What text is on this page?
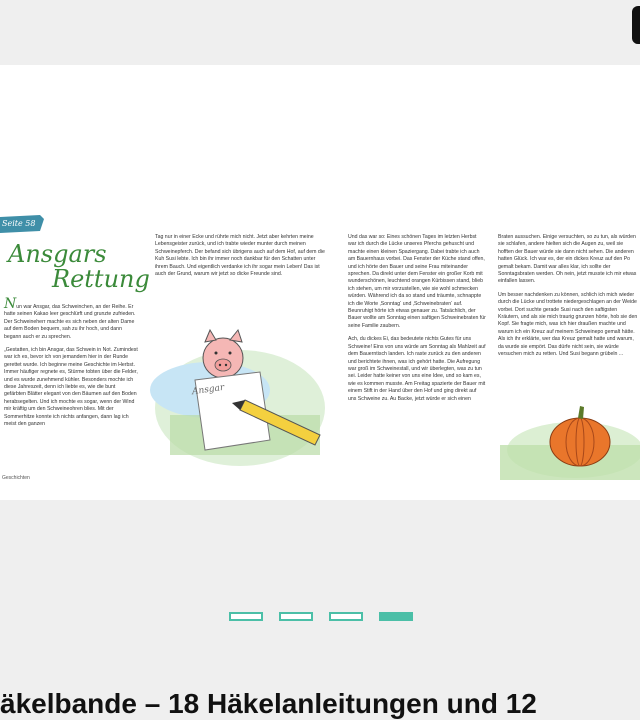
Seite 58
Ansgars
Rettung

Nun war Ansgar, das Schweinchen, an der Reihe. Er hatte seinen Kakao leer geschlürft und grunzte zufrieden. Der Schweineherr machte es sich neben der alten Dame auf dem Boden bequem, sah zu ihr hoch, und dann begann auch er zu sprechen.

„Gestatten, ich bin Ansgar, das Schwein in Not. Zumindest war ich es, bevor ich von jemandem hier in der Runde gerettet wurde. Ich beginne meine Geschichte im Herbst. Immer häufiger regnete es, Stürme tobten über die Felder, und es wurde zunehmend kühler. Besonders mochte ich diese Jahreszeit, denn ich liebte es, wie die bunt gefärbten Blätter elegant von den Bäumen auf den Boden herabsegelten. Und ich mochte es sogar, wenn der Wind mir kräftig um den Schweineohren blies. Mit der Sommerhitze konnte ich nichts anfangen, dann lag ich meist den ganzen

Geschichten

Tag nur in einer Ecke und rührte mich nicht. Jetzt aber kehrten meine Lebensgeister zurück, und ich trabte wieder munter durch meinen Schweinepferch. Der befand sich übrigens auch auf dem Hof, auf dem die Kuh Susi lebte. Ich bin ihr immer noch dankbar für den Schatten unter ihrem Bauch. Und eigentlich verdanke ich ihr sogar mein Leben! Das ist auch der Grund, warum wir jetzt so dicke Freunde sind.

Ansgar

Und das war so: Eines schönen Tages im letzten Herbst war ich durch die Lücke unseres Pferchs gehuscht und machte einen kleinen Spaziergang. Dabei trabte ich auch am Bauernhaus vorbei. Das Fenster der Küche stand offen, und ich hörte den Bauer und seine Frau miteinander sprechen. Da direkt unter dem Fenster ein großer Korb mit wunderschönen, leuchtend orangen Kürbissen stand, blieb ich stehen, um mir vorzustellen, wie sie wohl schmecken würden. Während ich da so stand und träumte, schnappte ich die Worte ‚Sonntag‘ und ‚Schweinebraten‘ auf. Beunruhigt hörte ich etwas genauer zu. Tatsächlich, der Bauer wollte am Sonntag einen saftigen Schweinebraten für seine Familie zaubern.

Ach, du dickes Ei, das bedeutete nichts Gutes für uns Schweine! Eins von uns würde am Sonntag als Mahlzeit auf dem Bauerntisch landen. Ich raste zurück zu den anderen und berichtete ihnen, was ich gehört hatte. Die Aufregung war groß im Schweinestall, und wir überlegten, was zu tun sei. Leider hatte keiner von uns eine Idee, und so kam es, wie es kommen musste. Am Freitag spazierte der Bauer mit einem Stift in der Hand über den Hof und ging direkt auf uns Schweine zu. Au Backe, jetzt würde er sich einen

Braten aussuchen. Einige versuchten, so zu tun, als würden sie schlafen, andere hielten sich die Augen zu, weil sie hofften der Bauer würde sie dann nicht sehen. Die anderen hatten Glück. Ich war es, der ein dickes Kreuz auf den Po gemalt bekam. Damit war alles klar, ich sollte der Sonntagsbraten werden. Oh nein, jetzt musste ich mir etwas einfallen lassen.

Um besser nachdenken zu können, schlich ich mich wieder durch die Lücke und trottete niedergeschlagen an der Weide vorbei. Dort suchte gerade Susi nach den saftigsten Kräutern, und als sie mich traurig grunzen hörte, hob sie den Kopf. Sie fragte mich, was ich hier draußen machte und warum ich ein Kreuz auf meinem Schweinepo gemalt hätte. Als ich ihr erklärte, wer das Kreuz gemalt hatte und warum, da wurde sie empört. Das dürfe nicht sein, sie würde versuchen mich zu retten. Und Susi begann grübeln ...

äkelbande – 18 Häkelanleitungen und 12
